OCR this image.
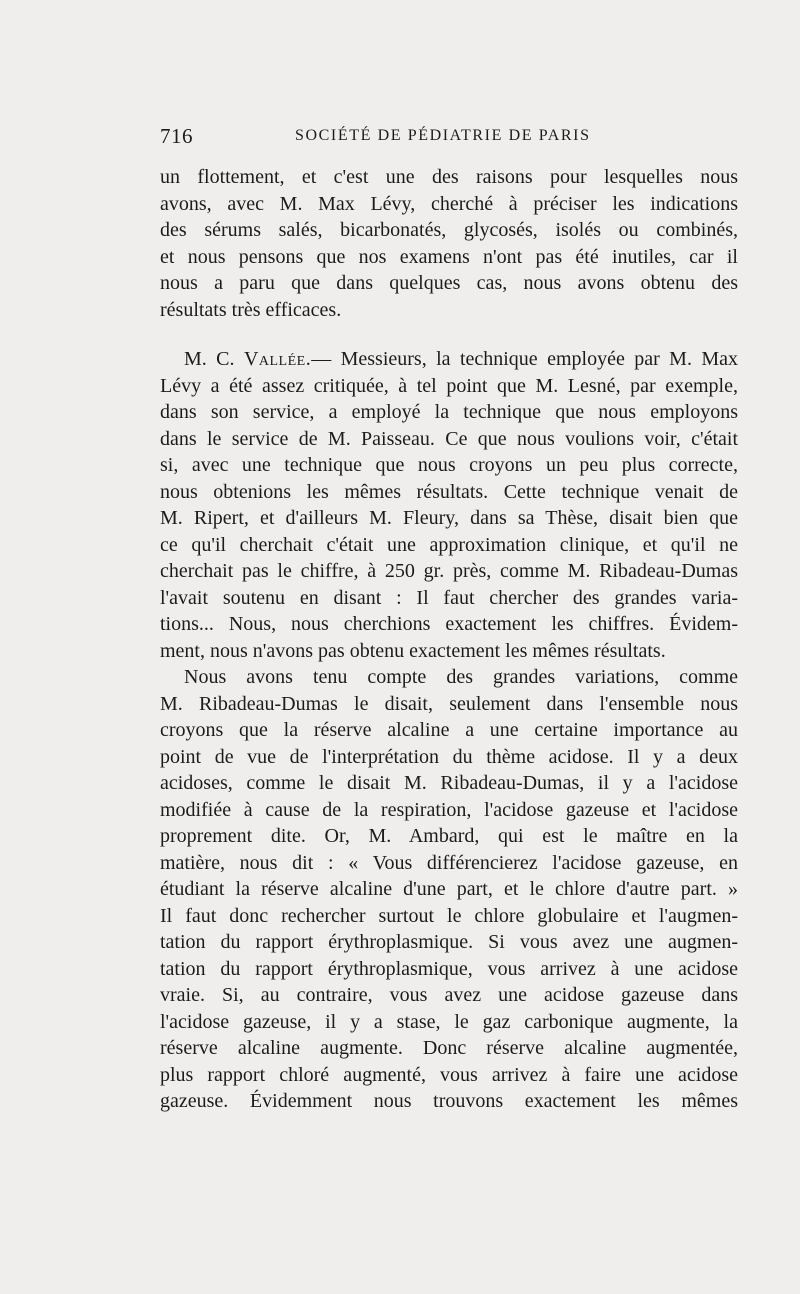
716	SOCIÉTÉ DE PÉDIATRIE DE PARIS
un flottement, et c'est une des raisons pour lesquelles nous
avons, avec M. Max Lévy, cherché à préciser les indications
des sérums salés, bicarbonatés, glycosés, isolés ou combinés,
et nous pensons que nos examens n'ont pas été inutiles, car il
nous a paru que dans quelques cas, nous avons obtenu des
résultats très efficaces.
M. C. Vallée.— Messieurs, la technique employée par M. Max
Lévy a été assez critiquée, à tel point que M. Lesné, par exemple,
dans son service, a employé la technique que nous employons
dans le service de M. Paisseau. Ce que nous voulions voir, c'était
si, avec une technique que nous croyons un peu plus correcte,
nous obtenions les mêmes résultats. Cette technique venait de
M. Ripert, et d'ailleurs M. Fleury, dans sa Thèse, disait bien que
ce qu'il cherchait c'était une approximation clinique, et qu'il ne
cherchait pas le chiffre, à 250 gr. près, comme M. Ribadeau-Dumas
l'avait soutenu en disant : Il faut chercher des grandes varia-
tions... Nous, nous cherchions exactement les chiffres. Évidem-
ment, nous n'avons pas obtenu exactement les mêmes résultats.
Nous avons tenu compte des grandes variations, comme
M. Ribadeau-Dumas le disait, seulement dans l'ensemble nous
croyons que la réserve alcaline a une certaine importance au
point de vue de l'interprétation du thème acidose. Il y a deux
acidoses, comme le disait M. Ribadeau-Dumas, il y a l'acidose
modifiée à cause de la respiration, l'acidose gazeuse et l'acidose
proprement dite. Or, M. Ambard, qui est le maître en la
matière, nous dit : « Vous différencierez l'acidose gazeuse, en
étudiant la réserve alcaline d'une part, et le chlore d'autre part. »
Il faut donc rechercher surtout le chlore globulaire et l'augmen-
tation du rapport érythroplasmique. Si vous avez une augmen-
tation du rapport érythroplasmique, vous arrivez à une acidose
vraie. Si, au contraire, vous avez une acidose gazeuse dans
l'acidose gazeuse, il y a stase, le gaz carbonique augmente, la
réserve alcaline augmente. Donc réserve alcaline augmentée,
plus rapport chloré augmenté, vous arrivez à faire une acidose
gazeuse. Évidemment nous trouvons exactement les mêmes
